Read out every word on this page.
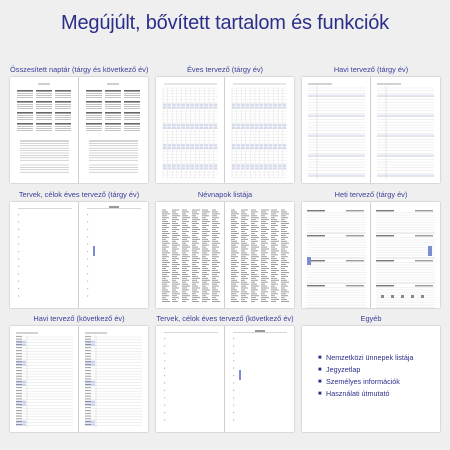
Megújúlt, bővített tartalom és funkciók
Összesített naptár (tárgy és következő év)	Éves tervező (tárgy év)	Havi tervező (tárgy év)
Tervek, célok éves tervező (tárgy év)	Névnapok listája	Heti tervező (tárgy év)
Havi tervező (következő év)	Tervek, célok éves tervező (következő év)	Egyéb
■ Nemzetközi ünnepek listája
■ Jegyzetlap
■ Személyes információk
■ Használati útmutató
